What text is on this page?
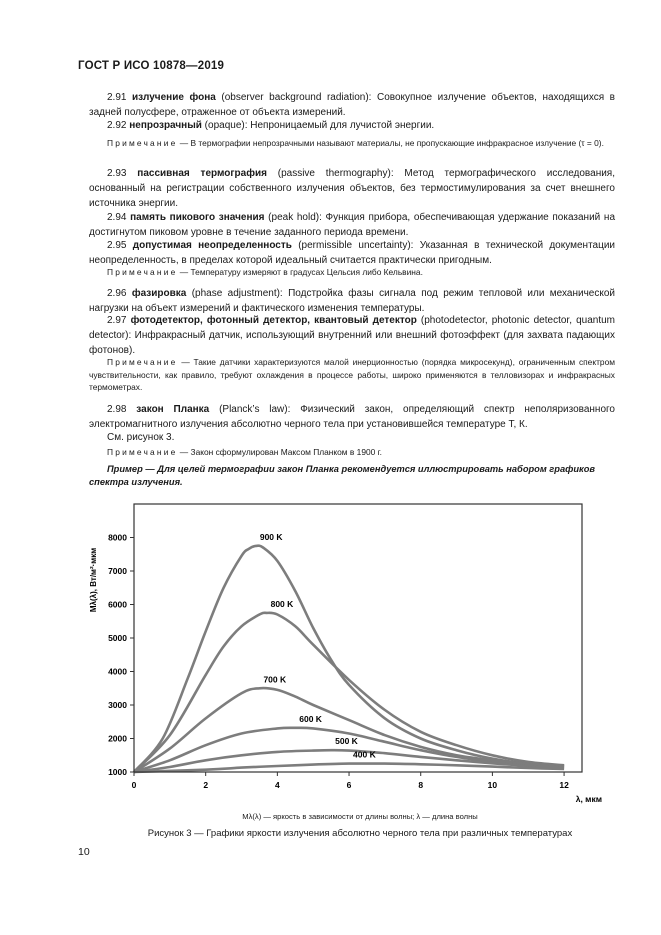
ГОСТ Р ИСО 10878—2019

2.91 излучение фона (observer background radiation): Совокупное излучение объектов, находящихся в задней полусфере, отраженное от объекта измерений.

2.92 непрозрачный (opaque): Непроницаемый для лучистой энергии.

Примечание — В термографии непрозрачными называют материалы, не пропускающие инфракрасное излучение (τ = 0).

2.93 пассивная термография (passive thermography): Метод термографического исследования, основанный на регистрации собственного излучения объектов, без термостимулирования за счет внешнего источника энергии.

2.94 память пикового значения (peak hold): Функция прибора, обеспечивающая удержание показаний на достигнутом пиковом уровне в течение заданного периода времени.

2.95 допустимая неопределенность (permissible uncertainty): Указанная в технической документации неопределенность, в пределах которой идеальный считается практически пригодным.

Примечание — Температуру измеряют в градусах Цельсия либо Кельвина.

2.96 фазировка (phase adjustment): Подстройка фазы сигнала под режим тепловой или механической нагрузки на объект измерений и фактического изменения температуры.

2.97 фотодетектор, фотонный детектор, квантовый детектор (photodetector, photonic detector, quantum detector): Инфракрасный датчик, использующий внутренний или внешний фотоэффект (для захвата падающих фотонов).

Примечание — Такие датчики характеризуются малой инерционностью (порядка микросекунд), ограниченным спектром чувствительности, как правило, требуют охлаждения в процессе работы, широко применяются в телловизорах и инфракрасных термометрах.

2.98 закон Планка (Planck’s law): Физический закон, определяющий спектр неполяризованного электромагнитного излучения абсолютно черного тела при установившейся температуре Т, К.

См. рисунок 3.

Примечание — Закон сформулирован Максом Планком в 1900 г.

Пример — Для целей термографии закон Планка рекомендуется иллюстрировать набором графиков спектра излучения.

900 K
800 K
700 K
600 K
500 K
400 K
0	2	4	6	8	10	12
1000
2000
3000
4000
5000
6000
7000
8000
λ, мкм
Mλ(λ), Вт/м²·мкм
Mλ(λ) — яркость в зависимости от длины волны; λ — длина волны
Рисунок 3 — Графики яркости излучения абсолютно черного тела при различных температурах
10
